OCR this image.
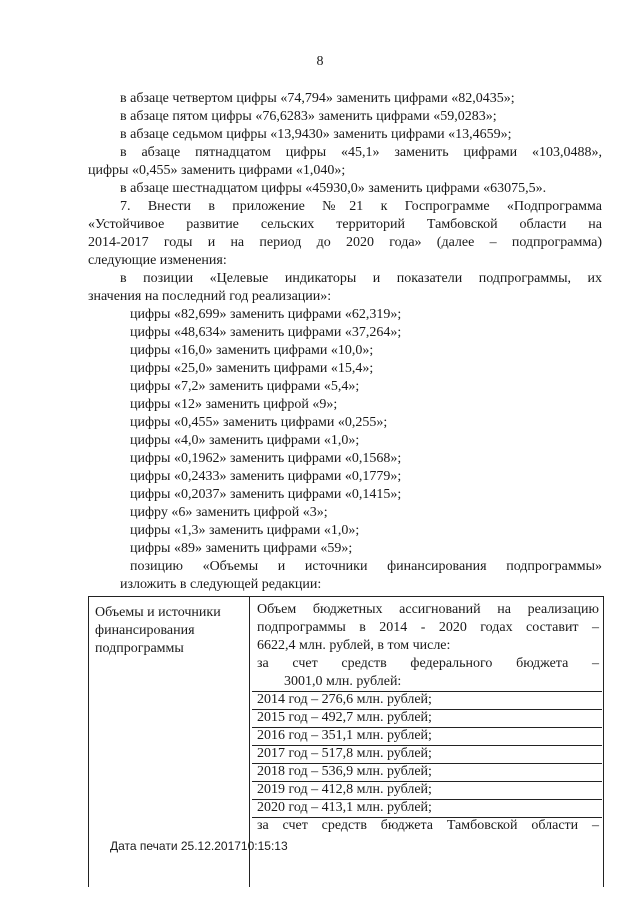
8
в абзаце четвертом цифры «74,794» заменить цифрами «82,0435»;
в абзаце пятом цифры «76,6283» заменить цифрами «59,0283»;
в абзаце седьмом цифры «13,9430» заменить цифрами «13,4659»;
в абзаце пятнадцатом цифры «45,1» заменить цифрами «103,0488»,
цифры «0,455» заменить цифрами «1,040»;
в абзаце шестнадцатом цифры «45930,0» заменить цифрами «63075,5».
7. Внести в приложение №21 к Госпрограмме «Подпрограмма
«Устойчивое развитие сельских территорий Тамбовской области на
2014-2017 годы и на период до 2020 года» (далее – подпрограмма)
следующие изменения:
в позиции «Целевые индикаторы и показатели подпрограммы, их
значения на последний год реализации»:
цифры «82,699» заменить цифрами «62,319»;
цифры «48,634» заменить цифрами «37,264»;
цифры «16,0» заменить цифрами «10,0»;
цифры «25,0» заменить цифрами «15,4»;
цифры «7,2» заменить цифрами «5,4»;
цифры «12» заменить цифрой «9»;
цифры «0,455» заменить цифрами «0,255»;
цифры «4,0» заменить цифрами «1,0»;
цифры «0,1962» заменить цифрами «0,1568»;
цифры «0,2433» заменить цифрами «0,1779»;
цифры «0,2037» заменить цифрами «0,1415»;
цифру «6» заменить цифрой «3»;
цифры «1,3» заменить цифрами «1,0»;
цифры «89» заменить цифрами «59»;
позицию «Объемы и источники финансирования подпрограммы»
изложить в следующей редакции:
Объемы и источники
финансирования
подпрограммы
Объем бюджетных ассигнований на реализацию
подпрограммы в 2014 - 2020 годах составит –
6622,4 млн. рублей, в том числе:
за счет средств федерального бюджета –
3001,0 млн. рублей:
2014 год – 276,6 млн. рублей;
2015 год – 492,7 млн. рублей;
2016 год – 351,1 млн. рублей;
2017 год – 517,8 млн. рублей;
2018 год – 536,9 млн. рублей;
2019 год – 412,8 млн. рублей;
2020 год – 413,1 млн. рублей;
за счет средств бюджета Тамбовской области –
Дата печати 25.12.201710:15:13
